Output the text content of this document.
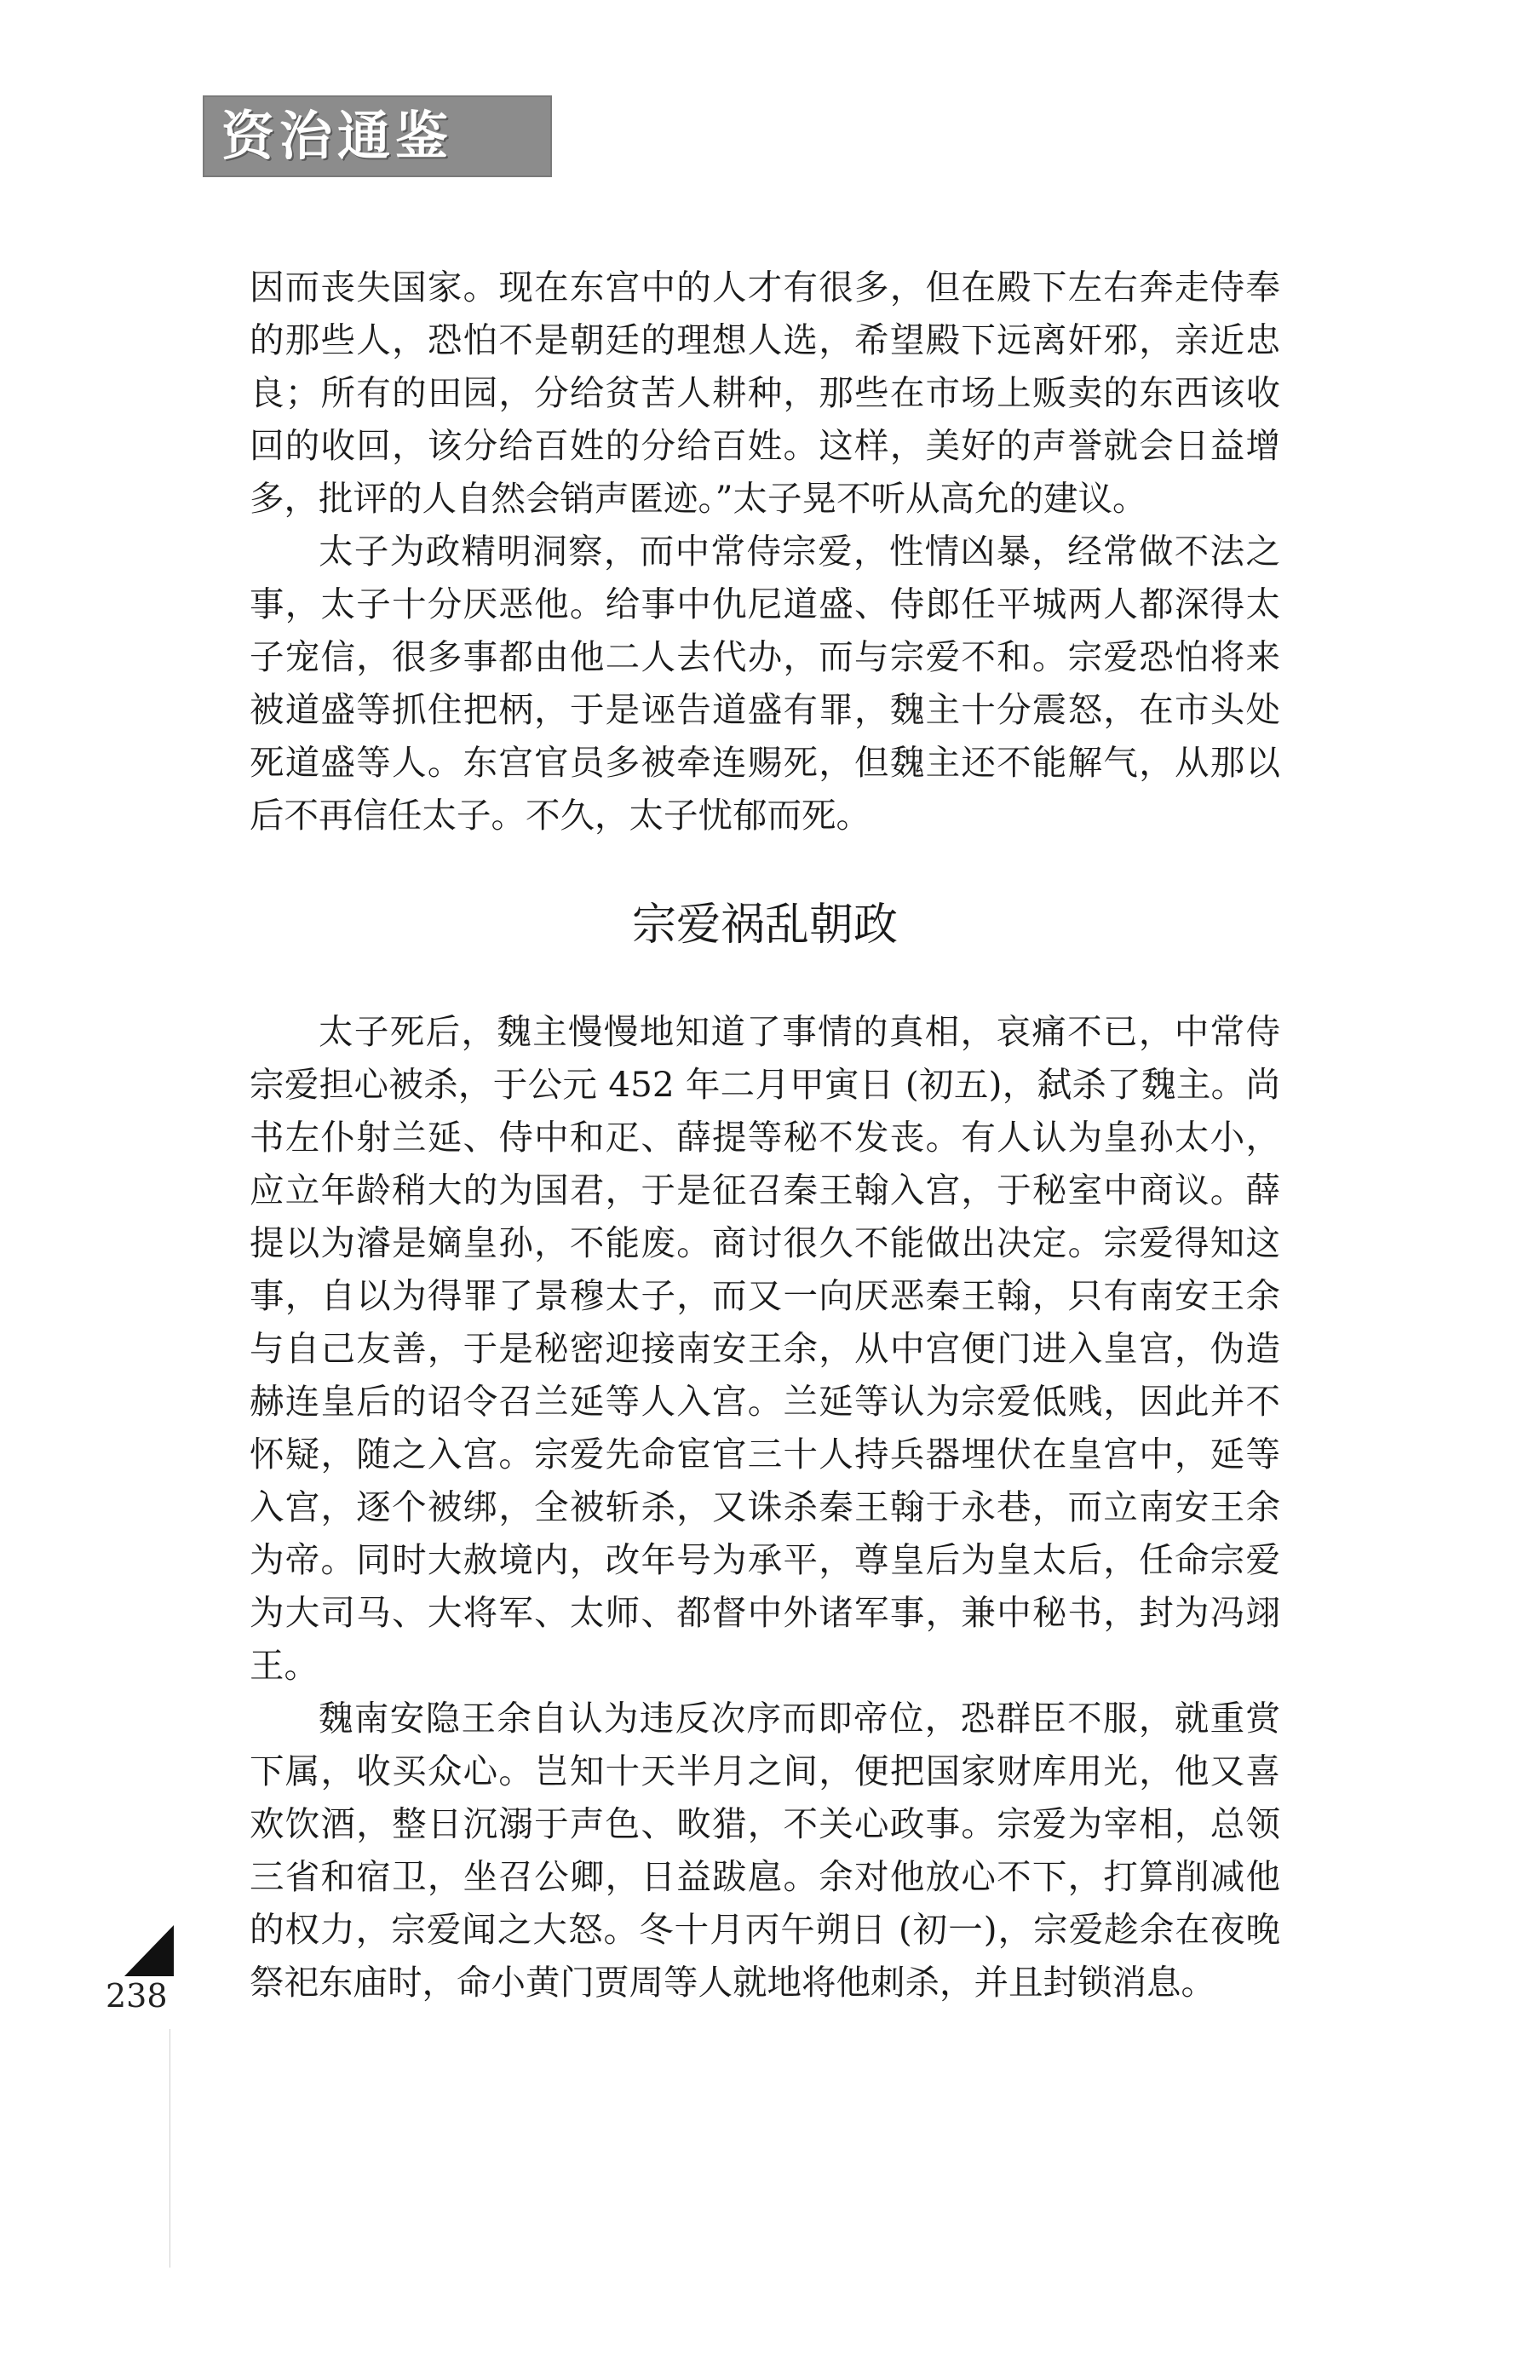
资治通鉴

因而丧失国家。现在东宫中的人才有很多，但在殿下左右奔走侍奉的那些人，恐怕不是朝廷的理想人选，希望殿下远离奸邪，亲近忠良；所有的田园，分给贫苦人耕种，那些在市场上贩卖的东西该收回的收回，该分给百姓的分给百姓。这样，美好的声誉就会日益增多，批评的人自然会销声匿迹。”太子晃不听从高允的建议。

太子为政精明洞察，而中常侍宗爱，性情凶暴，经常做不法之事，太子十分厌恶他。给事中仇尼道盛、侍郎任平城两人都深得太子宠信，很多事都由他二人去代办，而与宗爱不和。宗爱恐怕将来被道盛等抓住把柄，于是诬告道盛有罪，魏主十分震怒，在市头处死道盛等人。东宫官员多被牵连赐死，但魏主还不能解气，从那以后不再信任太子。不久，太子忧郁而死。

宗爱祸乱朝政

太子死后，魏主慢慢地知道了事情的真相，哀痛不已，中常侍宗爱担心被杀，于公元 452 年二月甲寅日 (初五)，弑杀了魏主。尚书左仆射兰延、侍中和疋、薛提等秘不发丧。有人认为皇孙太小，应立年龄稍大的为国君，于是征召秦王翰入宫，于秘室中商议。薛提以为濬是嫡皇孙，不能废。商讨很久不能做出决定。宗爱得知这事，自以为得罪了景穆太子，而又一向厌恶秦王翰，只有南安王余与自己友善，于是秘密迎接南安王余，从中宫便门进入皇宫，伪造赫连皇后的诏令召兰延等人入宫。兰延等认为宗爱低贱，因此并不怀疑，随之入宫。宗爱先命宦官三十人持兵器埋伏在皇宫中，延等入宫，逐个被绑，全被斩杀，又诛杀秦王翰于永巷，而立南安王余为帝。同时大赦境内，改年号为承平，尊皇后为皇太后，任命宗爱为大司马、大将军、太师、都督中外诸军事，兼中秘书，封为冯翊王。

魏南安隐王余自认为违反次序而即帝位，恐群臣不服，就重赏下属，收买众心。岂知十天半月之间，便把国家财库用光，他又喜欢饮酒，整日沉溺于声色、畋猎，不关心政事。宗爱为宰相，总领三省和宿卫，坐召公卿，日益跋扈。余对他放心不下，打算削减他的权力，宗爱闻之大怒。冬十月丙午朔日 (初一)，宗爱趁余在夜晚祭祀东庙时，命小黄门贾周等人就地将他刺杀，并且封锁消息。

238
